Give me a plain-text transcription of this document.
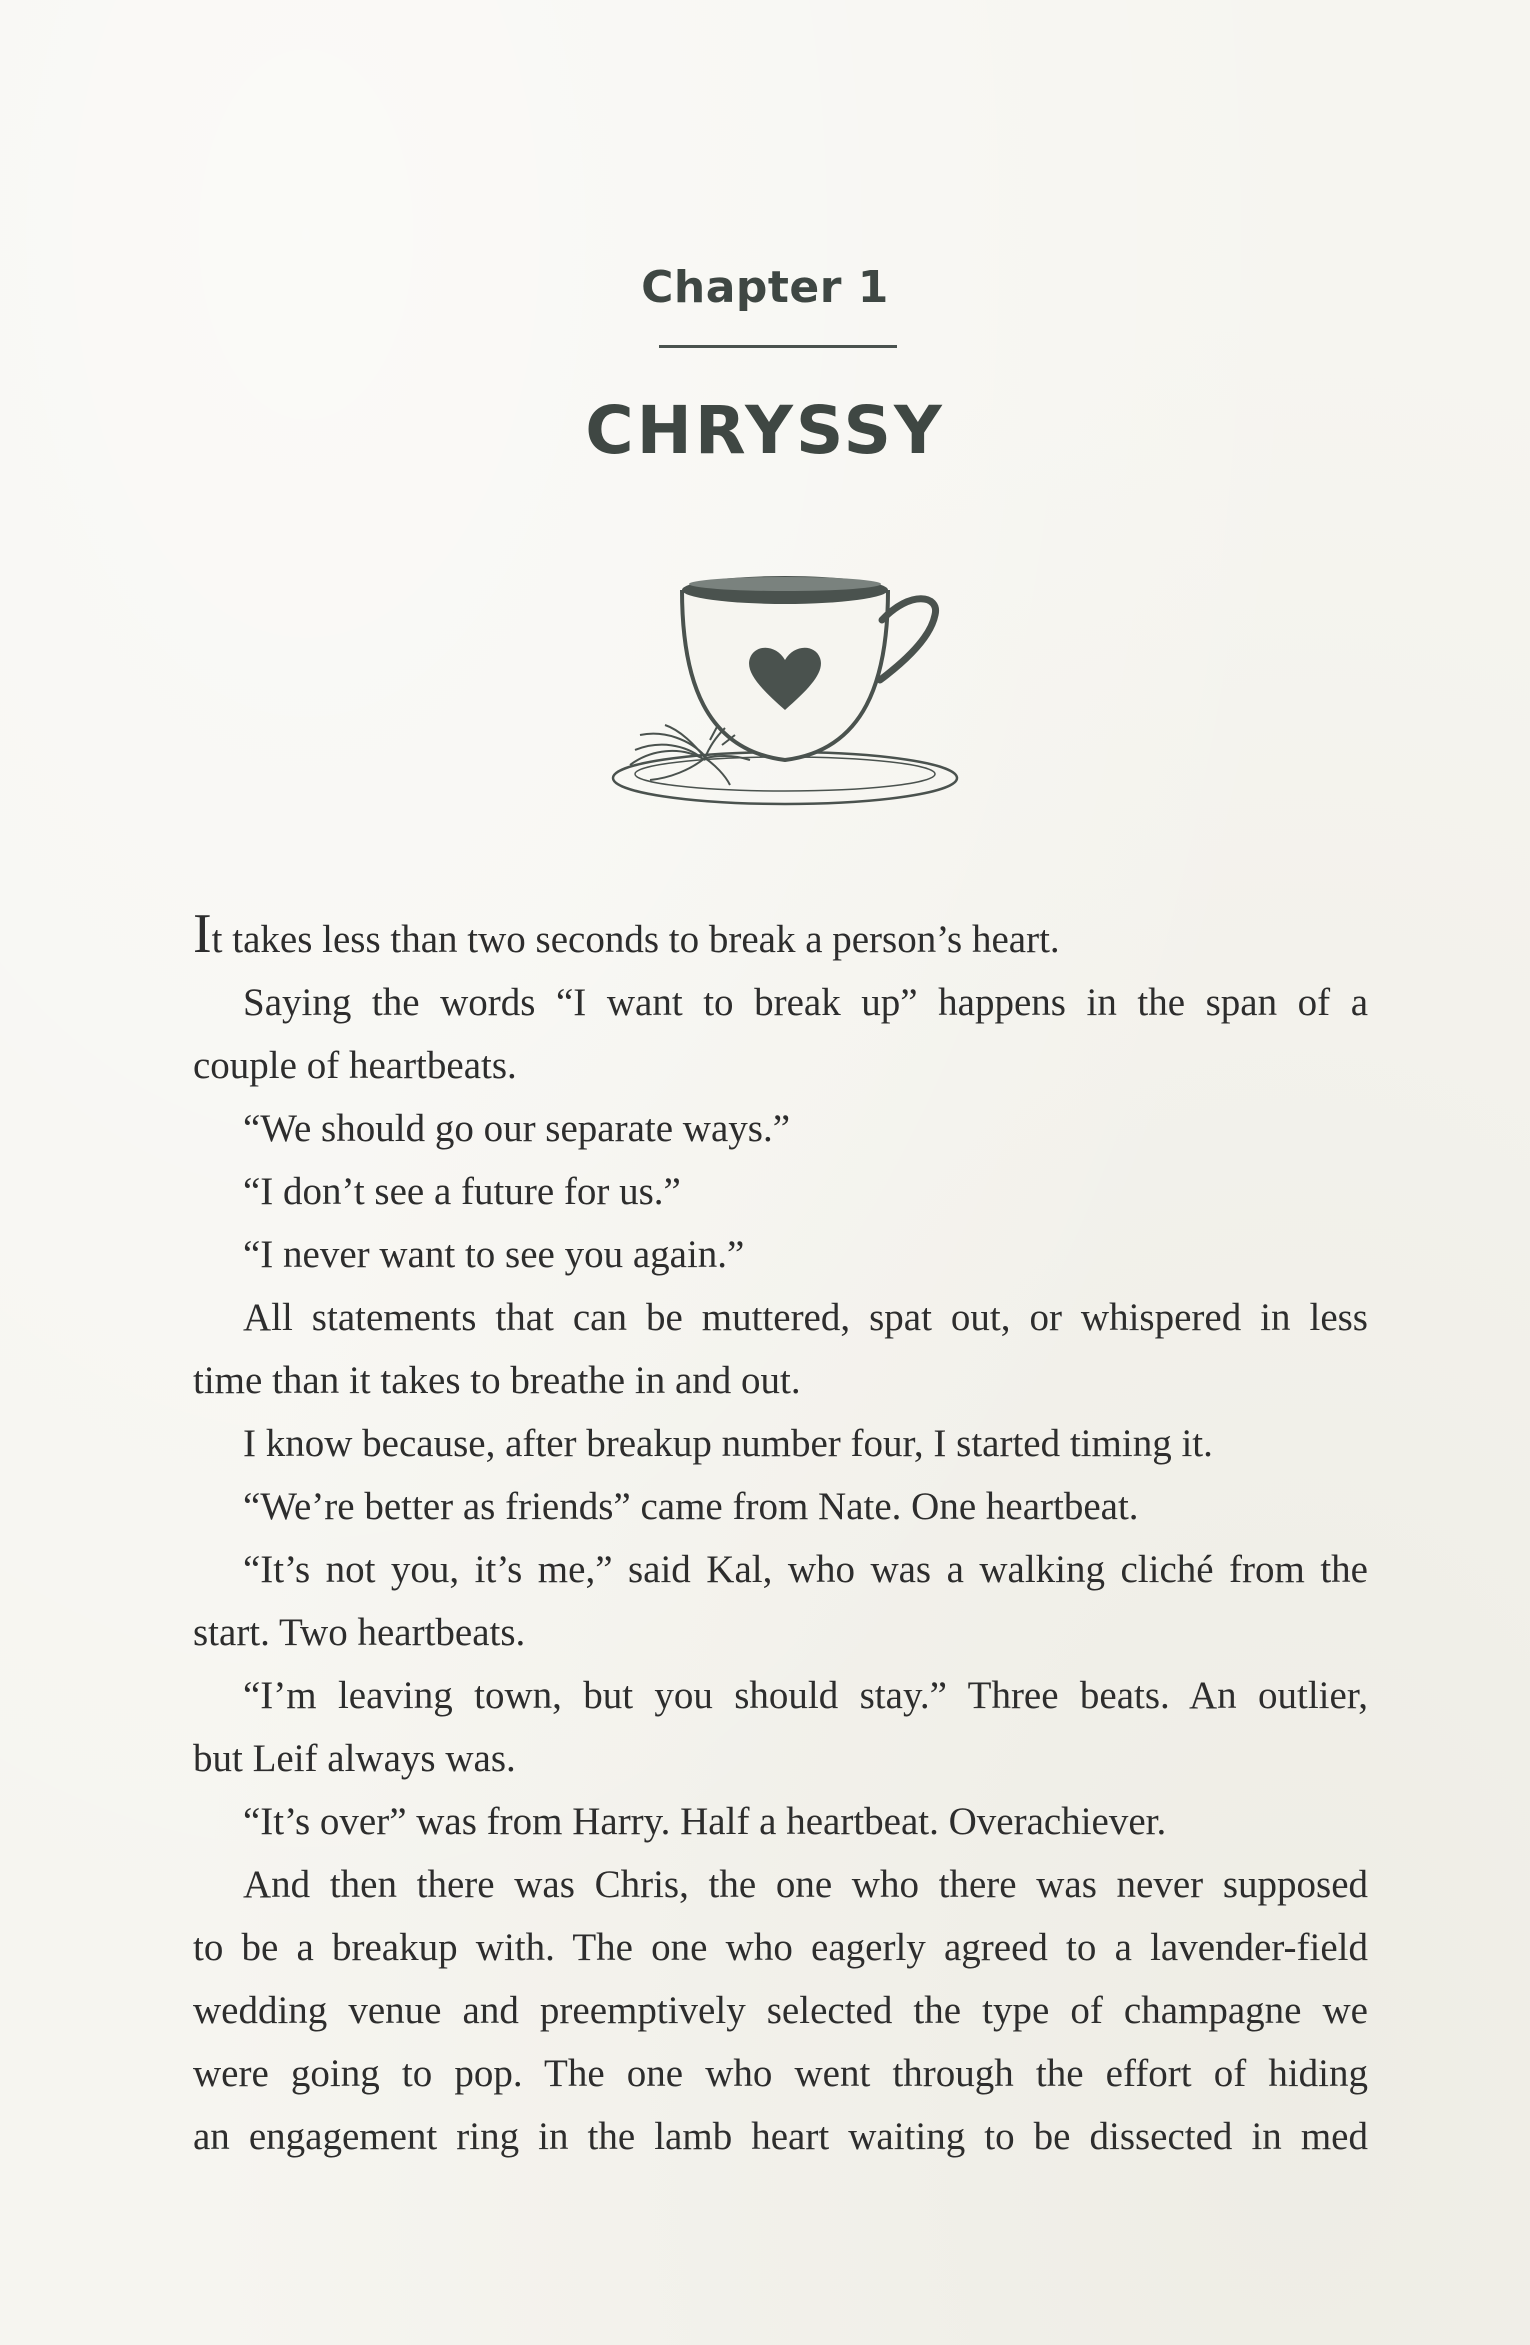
Chapter 1
CHRYSSY
It takes less than two seconds to break a person’s heart.
Saying the words “I want to break up” happens in the span of a
couple of heartbeats.
“We should go our separate ways.”
“I don’t see a future for us.”
“I never want to see you again.”
All statements that can be muttered, spat out, or whispered in less
time than it takes to breathe in and out.
I know because, after breakup number four, I started timing it.
“We’re better as friends” came from Nate. One heartbeat.
“It’s not you, it’s me,” said Kal, who was a walking cliché from the
start. Two heartbeats.
“I’m leaving town, but you should stay.” Three beats. An outlier,
but Leif always was.
“It’s over” was from Harry. Half a heartbeat. Overachiever.
And then there was Chris, the one who there was never supposed
to be a breakup with. The one who eagerly agreed to a lavender-field
wedding venue and preemptively selected the type of champagne we
were going to pop. The one who went through the effort of hiding
an engagement ring in the lamb heart waiting to be dissected in med
